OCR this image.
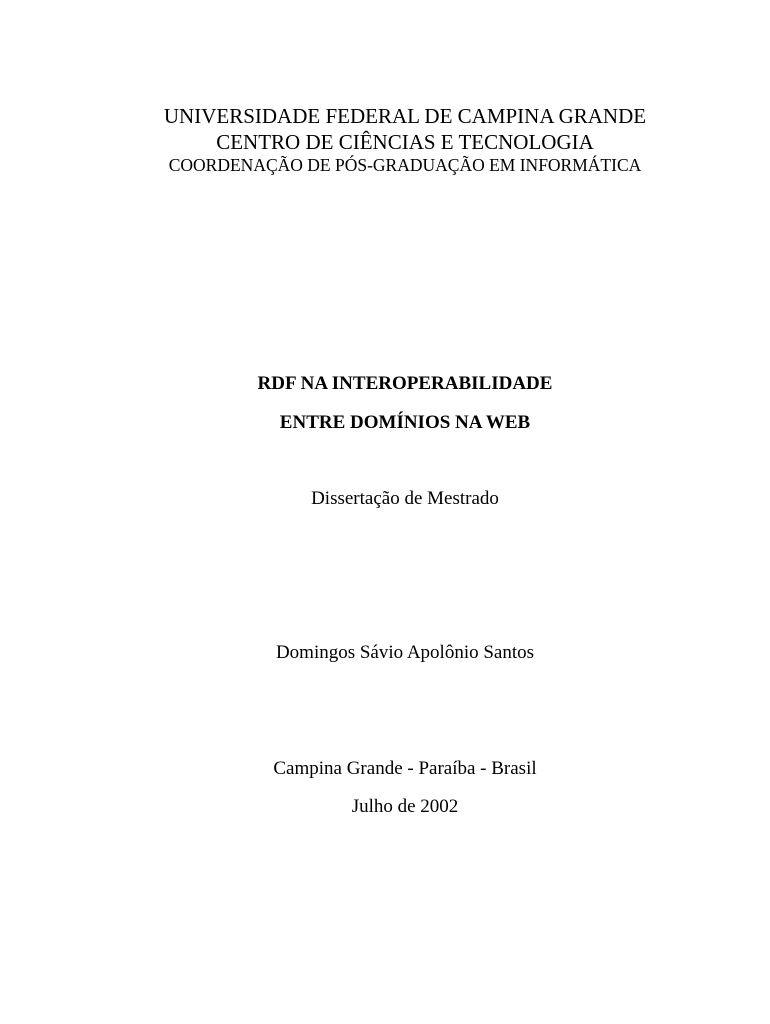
UNIVERSIDADE FEDERAL DE CAMPINA GRANDE
CENTRO DE CIÊNCIAS E TECNOLOGIA
COORDENAÇÃO DE PÓS-GRADUAÇÃO EM INFORMÁTICA
RDF NA INTEROPERABILIDADE
ENTRE DOMÍNIOS NA WEB
Dissertação de Mestrado
Domingos Sávio Apolônio Santos
Campina Grande - Paraíba - Brasil
Julho de 2002
